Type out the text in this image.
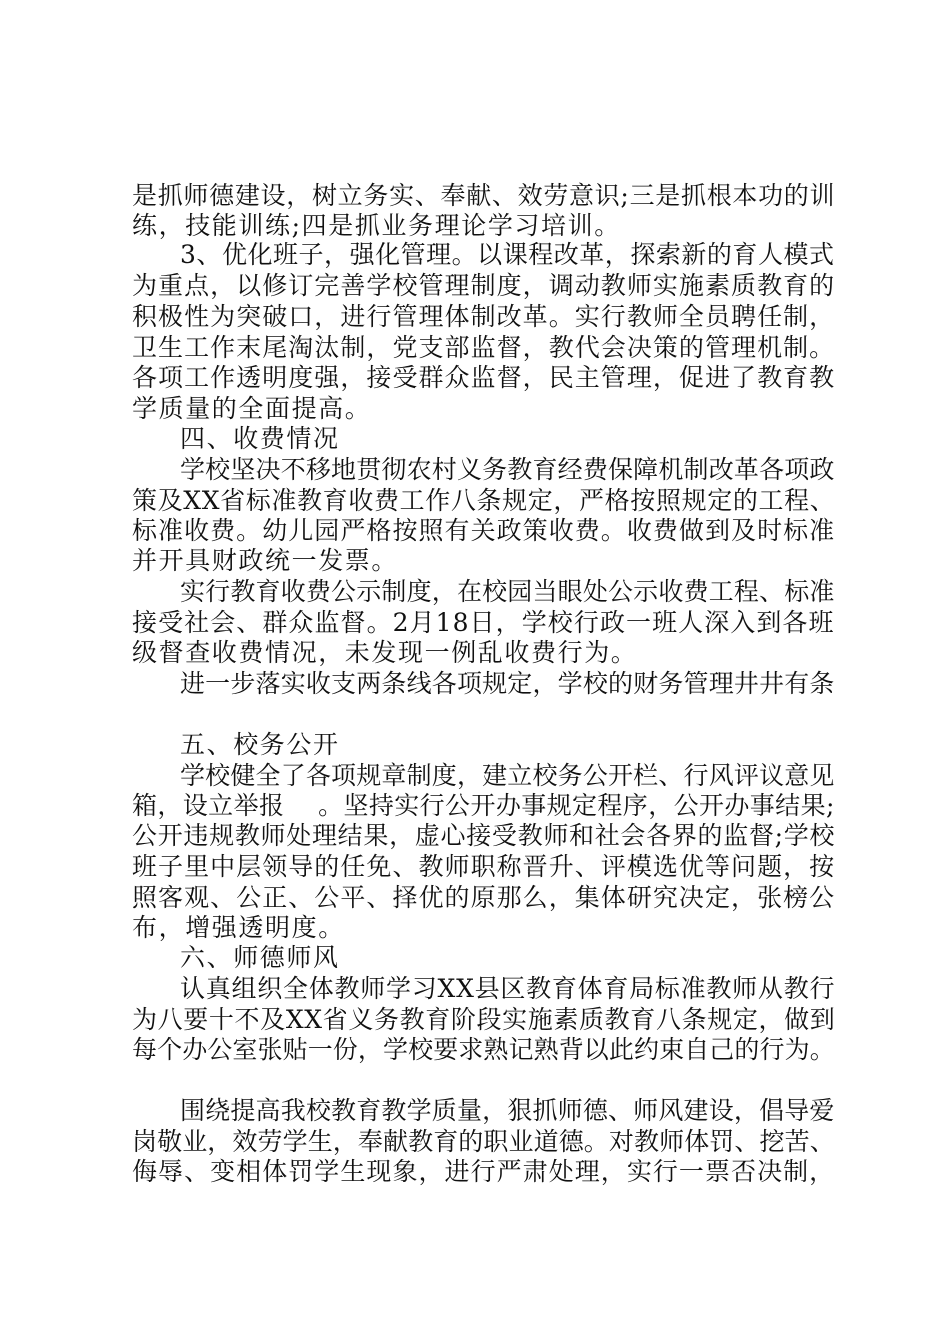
是抓师德建设，树立务实、奉献、效劳意识;三是抓根本功的训
练，技能训练;四是抓业务理论学习培训。
3、优化班子，强化管理。以课程改革，探索新的育人模式
为重点，以修订完善学校管理制度，调动教师实施素质教育的
积极性为突破口，进行管理体制改革。实行教师全员聘任制，
卫生工作末尾淘汰制，党支部监督，教代会决策的管理机制。
各项工作透明度强，接受群众监督，民主管理，促进了教育教
学质量的全面提高。
四、收费情况
学校坚决不移地贯彻农村义务教育经费保障机制改革各项政
策及XX省标准教育收费工作八条规定，严格按照规定的工程、
标准收费。幼儿园严格按照有关政策收费。收费做到及时标准
并开具财政统一发票。
实行教育收费公示制度，在校园当眼处公示收费工程、标准
接受社会、群众监督。2月18日，学校行政一班人深入到各班
级督查收费情况，未发现一例乱收费行为。
进一步落实收支两条线各项规定，学校的财务管理井井有条
五、校务公开
学校健全了各项规章制度，建立校务公开栏、行风评议意见
箱，设立举报　 。坚持实行公开办事规定程序，公开办事结果;
公开违规教师处理结果，虚心接受教师和社会各界的监督;学校
班子里中层领导的任免、教师职称晋升、评模选优等问题，按
照客观、公正、公平、择优的原那么，集体研究决定，张榜公
布，增强透明度。
六、师德师风
认真组织全体教师学习XX县区教育体育局标准教师从教行
为八要十不及XX省义务教育阶段实施素质教育八条规定，做到
每个办公室张贴一份，学校要求熟记熟背以此约束自己的行为。
围绕提高我校教育教学质量，狠抓师德、师风建设，倡导爱
岗敬业，效劳学生，奉献教育的职业道德。对教师体罚、挖苦、
侮辱、变相体罚学生现象，进行严肃处理，实行一票否决制，
